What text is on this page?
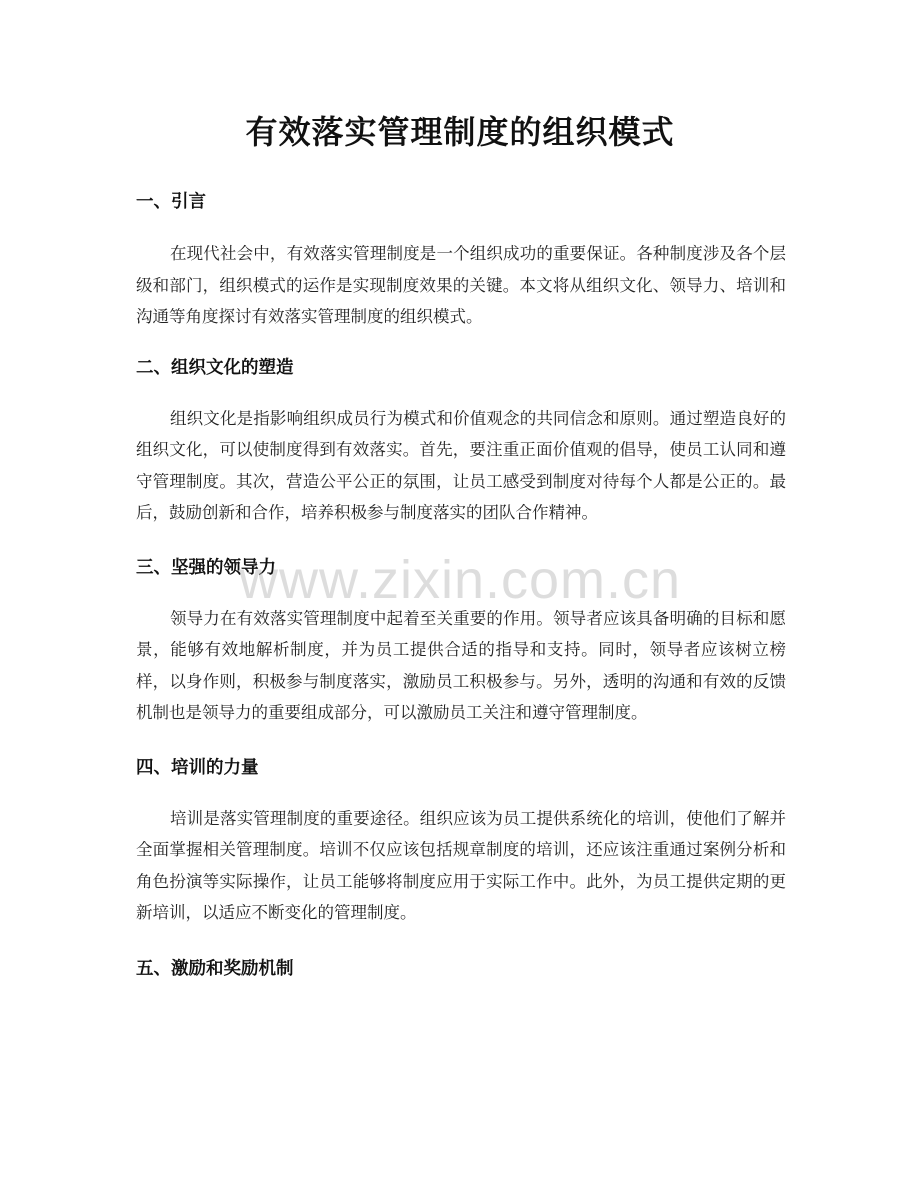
有效落实管理制度的组织模式
一、引言

在现代社会中，有效落实管理制度是一个组织成功的重要保证。各种制度涉及各个层级和部门，组织模式的运作是实现制度效果的关键。本文将从组织文化、领导力、培训和沟通等角度探讨有效落实管理制度的组织模式。

二、组织文化的塑造

组织文化是指影响组织成员行为模式和价值观念的共同信念和原则。通过塑造良好的组织文化，可以使制度得到有效落实。首先，要注重正面价值观的倡导，使员工认同和遵守管理制度。其次，营造公平公正的氛围，让员工感受到制度对待每个人都是公正的。最后，鼓励创新和合作，培养积极参与制度落实的团队合作精神。

三、坚强的领导力

领导力在有效落实管理制度中起着至关重要的作用。领导者应该具备明确的目标和愿景，能够有效地解析制度，并为员工提供合适的指导和支持。同时，领导者应该树立榜样，以身作则，积极参与制度落实，激励员工积极参与。另外，透明的沟通和有效的反馈机制也是领导力的重要组成部分，可以激励员工关注和遵守管理制度。

四、培训的力量

培训是落实管理制度的重要途径。组织应该为员工提供系统化的培训，使他们了解并全面掌握相关管理制度。培训不仅应该包括规章制度的培训，还应该注重通过案例分析和角色扮演等实际操作，让员工能够将制度应用于实际工作中。此外，为员工提供定期的更新培训，以适应不断变化的管理制度。

五、激励和奖励机制
www.zixin.com.cn
